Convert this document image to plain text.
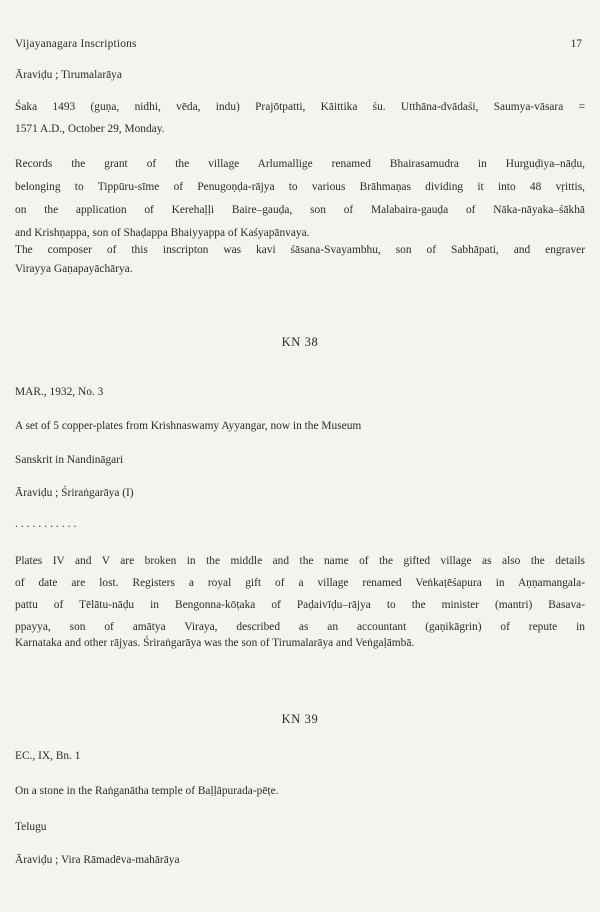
Vijayanagara Inscriptions	17
Āraviḍu ; Tirumalarāya
Śaka 1493 (guṇa, nidhi, vēda, indu) Prajōtpatti, Kāittika śu. Utthāna-dvādaśi, Saumya-vāsara =
1571 A.D., October 29, Monday.
Records the grant of the village Arlumallige renamed Bhairasamudra in Hurguḍiya–nāḍu,
belonging to Tippūru-sīme of Penugoṇḍa-rājya to various Brāhmaṇas dividing it into 48 vṛittis,
on the application of Kerehaḷḷi Baire–gauḍa, son of Malabaira-gauḍa of Nāka-nāyaka–śākhā
and Krishṇappa, son of Shaḍappa Bhaiyyappa of Kaśyapānvaya.
The composer of this inscripton was kavi śāsana-Svayambhu, son of Sabhāpati, and engraver
Virayya Gaṇapayāchārya.
KN 38
MAR., 1932, No. 3
A set of 5 copper-plates from Krishnaswamy Ayyangar, now in the Museum
Sanskrit in Nandināgari
Āraviḍu ; Śriraṅgarāya (I)
...........
Plates IV and V are broken in the middle and the name of the gifted village as also the details
of date are lost. Registers a royal gift of a village renamed Veṅkaṭēśapura in Aṇṇamangala-
pattu of Tēlātu-nāḍu in Bengonna-kōṭaka of Paḍaivīḍu–rājya to the minister (mantri) Basava-
ppayya, son of amātya Viraya, described as an accountant (gaṇikāgrin) of repute in
Karnataka and other rājyas. Śriraṅgarāya was the son of Tirumalarāya and Veṅgaḷāmbā.
KN 39
EC., IX, Bn. 1
On a stone in the Raṅganātha temple of Baḷḷāpurada-pēṭe.
Telugu
Āraviḍu ; Vira Rāmadēva-mahārāya
